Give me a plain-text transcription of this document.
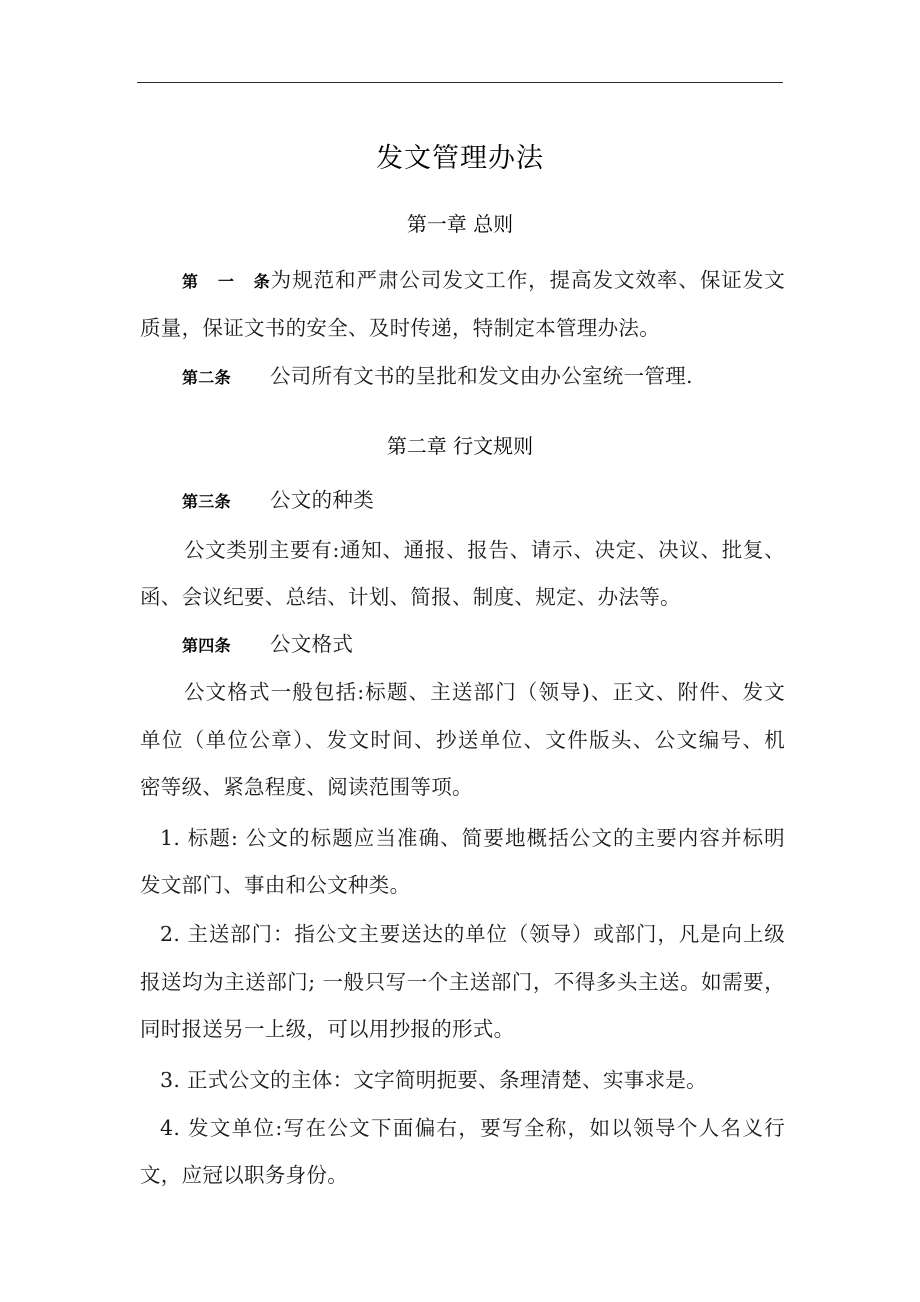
发文管理办法
第一章 总则
第一条为规范和严肃公司发文工作，提高发文效率、保证发文
质量，保证文书的安全、及时传递，特制定本管理办法。
第二条 公司所有文书的呈批和发文由办公室统一管理.
第二章 行文规则
第三条 公文的种类
公文类别主要有:通知、通报、报告、请示、决定、决议、批复、
函、会议纪要、总结、计划、简报、制度、规定、办法等。
第四条 公文格式
公文格式一般包括:标题、主送部门（领导)、正文、附件、发文
单位（单位公章）、发文时间、抄送单位、文件版头、公文编号、机
密等级、紧急程度、阅读范围等项。
1. 标题: 公文的标题应当准确、简要地概括公文的主要内容并标明
发文部门、事由和公文种类。
2. 主送部门：指公文主要送达的单位（领导）或部门，凡是向上级
报送均为主送部门; 一般只写一个主送部门，不得多头主送。如需要，
同时报送另一上级，可以用抄报的形式。
3. 正式公文的主体：文字简明扼要、条理清楚、实事求是。
4. 发文单位:写在公文下面偏右，要写全称，如以领导个人名义行
文，应冠以职务身份。
